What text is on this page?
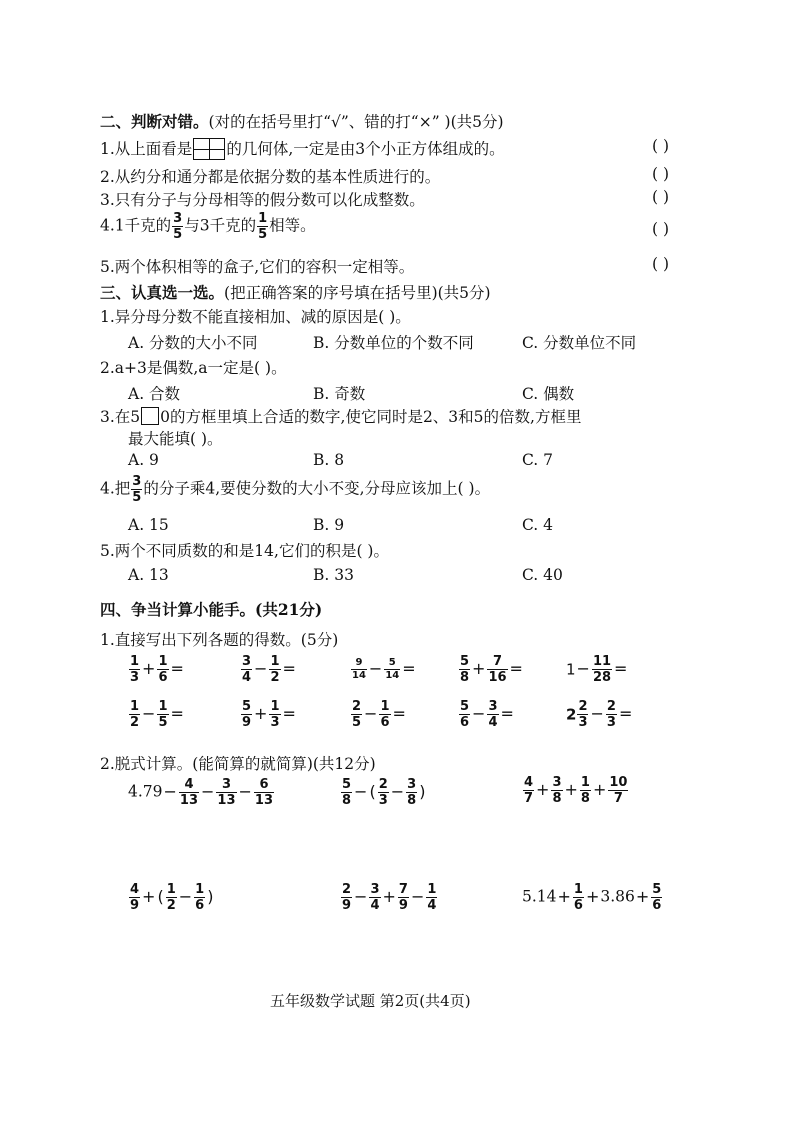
二、判断对错。(对的在括号里打“√”、错的打“×” )(共5分)
1.从上面看是 的几何体,一定是由3个小正方体组成的。	( )
2.从约分和通分都是依据分数的基本性质进行的。	( )
3.只有分子与分母相等的假分数可以化成整数。	( )
4.1千克的 $\frac{3}{5}$ 与3千克的 $\frac{1}{5}$ 相等。	( )
5.两个体积相等的盒子,它们的容积一定相等。	( )
三、认真选一选。(把正确答案的序号填在括号里)(共5分)
1.异分母分数不能直接相加、减的原因是( )。
A. 分数的大小不同	B. 分数单位的个数不同	C. 分数单位不同
2.a+3是偶数,a一定是( )。
A. 合数	B. 奇数	C. 偶数
3.在5 0的方框里填上合适的数字,使它同时是2、3和5的倍数,方框里
最大能填( )。
A. 9	B. 8	C. 7
4.把 $\frac{3}{5}$ 的分子乘4,要使分数的大小不变,分母应该加上( )。
A. 15	B. 9	C. 4
5.两个不同质数的和是14,它们的积是( )。
A. 13	B. 33	C. 40
四、争当计算小能手。(共21分)
1.直接写出下列各题的得数。(5分)
$\frac{1}{3} + \frac{1}{6}$ =	$\frac{3}{4} - \frac{1}{2}$ =	$\frac{9}{14} - \frac{5}{14}$ =	$\frac{5}{8} + \frac{7}{16}$ =	$1- \frac{11}{28}$ =
$\frac{1}{2} - \frac{1}{5}$ =	$\frac{5}{9} + \frac{1}{3}$ =	$\frac{2}{5} - \frac{1}{6}$ =	$\frac{5}{6} - \frac{3}{4}$ =	$2 \frac{2}{3} - \frac{2}{3}$ =
2.脱式计算。(能简算的就简算)(共12分)
$4.79- \frac{4}{13} - \frac{3}{13} - \frac{6}{13}$	$\frac{5}{8}$ − ( $\frac{2}{3} - \frac{3}{8}$ )	$\frac{4}{7} + \frac{3}{8} + \frac{1}{8} + \frac{10}{7}$
$\frac{4}{9}$ + ( $\frac{1}{2} - \frac{1}{6}$ )	$\frac{2}{9} - \frac{3}{4} + \frac{7}{9} - \frac{1}{4}$	$5.14+ \frac{1}{6} +3.86+ \frac{5}{6}$
五年级数学试题 第2页(共4页)
